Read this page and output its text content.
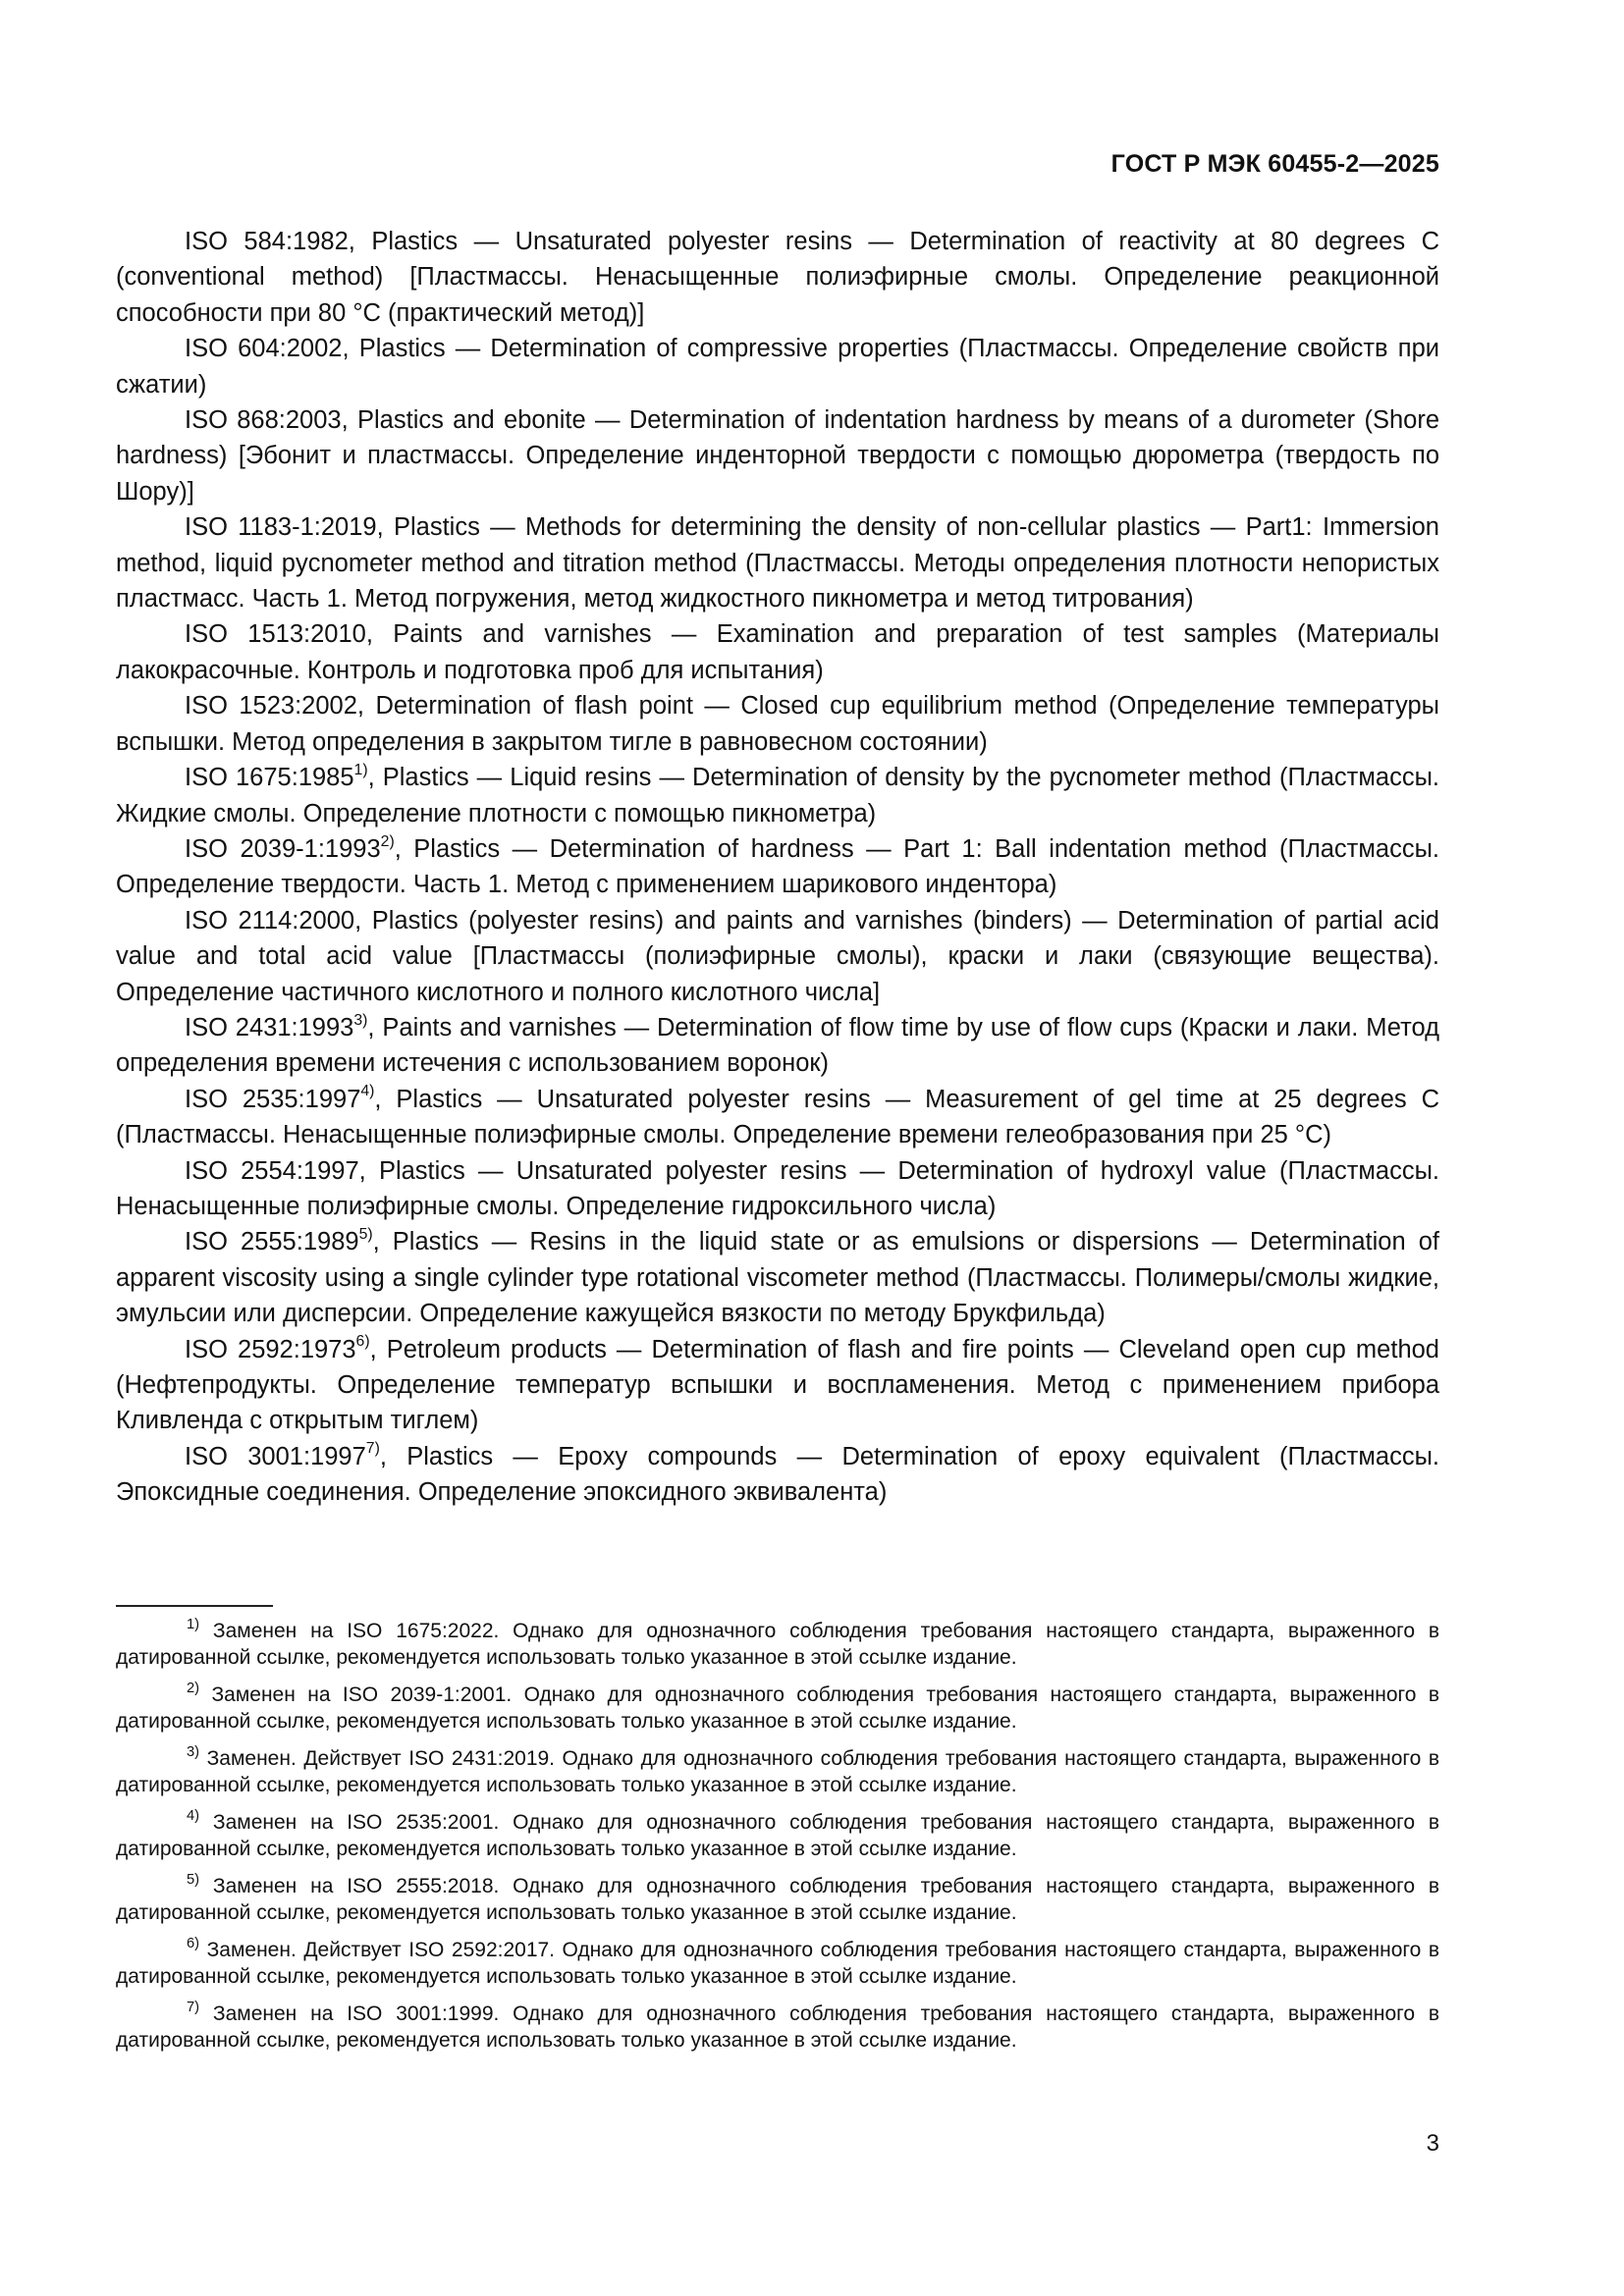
ГОСТ Р МЭК 60455-2—2025

ISO 584:1982, Plastics — Unsaturated polyester resins — Determination of reactivity at 80 degrees C (conventional method) [Пластмассы. Ненасыщенные полиэфирные смолы. Определение реакционной способности при 80 °С (практический метод)]

ISO 604:2002, Plastics — Determination of compressive properties (Пластмассы. Определение свойств при сжатии)

ISO 868:2003, Plastics and ebonite — Determination of indentation hardness by means of a durometer (Shore hardness) [Эбонит и пластмассы. Определение инденторной твердости с помощью дюрометра (твердость по Шору)]

ISO 1183-1:2019, Plastics — Methods for determining the density of non-cellular plastics — Part1: Immersion method, liquid pycnometer method and titration method (Пластмассы. Методы определения плотности непористых пластмасс. Часть 1. Метод погружения, метод жидкостного пикнометра и метод титрования)

ISO 1513:2010, Paints and varnishes — Examination and preparation of test samples (Материалы лакокрасочные. Контроль и подготовка проб для испытания)

ISO 1523:2002, Determination of flash point — Closed cup equilibrium method (Определение температуры вспышки. Метод определения в закрытом тигле в равновесном состоянии)

ISO 1675:1985$^{1)}$, Plastics — Liquid resins — Determination of density by the pycnometer method (Пластмассы. Жидкие смолы. Определение плотности с помощью пикнометра)

ISO 2039-1:1993$^{2)}$, Plastics — Determination of hardness — Part 1: Ball indentation method (Пластмассы. Определение твердости. Часть 1. Метод с применением шарикового индентора)

ISO 2114:2000, Plastics (polyester resins) and paints and varnishes (binders) — Determination of partial acid value and total acid value [Пластмассы (полиэфирные смолы), краски и лаки (связующие вещества). Определение частичного кислотного и полного кислотного числа]

ISO 2431:1993$^{3)}$, Paints and varnishes — Determination of flow time by use of flow cups (Краски и лаки. Метод определения времени истечения с использованием воронок)

ISO 2535:1997$^{4)}$, Plastics — Unsaturated polyester resins — Measurement of gel time at 25 degrees C (Пластмассы. Ненасыщенные полиэфирные смолы. Определение времени гелеобразования при 25 °С)

ISO 2554:1997, Plastics — Unsaturated polyester resins — Determination of hydroxyl value (Пластмассы. Ненасыщенные полиэфирные смолы. Определение гидроксильного числа)

ISO 2555:1989$^{5)}$, Plastics — Resins in the liquid state or as emulsions or dispersions — Determination of apparent viscosity using a single cylinder type rotational viscometer method (Пластмассы. Полимеры/смолы жидкие, эмульсии или дисперсии. Определение кажущейся вязкости по методу Брукфильда)

ISO 2592:1973$^{6)}$, Petroleum products — Determination of flash and fire points — Cleveland open cup method (Нефтепродукты. Определение температур вспышки и воспламенения. Метод с применением прибора Кливленда с открытым тиглем)

ISO 3001:1997$^{7)}$, Plastics — Epoxy compounds — Determination of epoxy equivalent (Пластмассы. Эпоксидные соединения. Определение эпоксидного эквивалента)

$^{1)}$ Заменен на ISO 1675:2022. Однако для однозначного соблюдения требования настоящего стандарта, выраженного в датированной ссылке, рекомендуется использовать только указанное в этой ссылке издание.

$^{2)}$ Заменен на ISO 2039-1:2001. Однако для однозначного соблюдения требования настоящего стандарта, выраженного в датированной ссылке, рекомендуется использовать только указанное в этой ссылке издание.

$^{3)}$ Заменен. Действует ISO 2431:2019. Однако для однозначного соблюдения требования настоящего стандарта, выраженного в датированной ссылке, рекомендуется использовать только указанное в этой ссылке издание.

$^{4)}$ Заменен на ISO 2535:2001. Однако для однозначного соблюдения требования настоящего стандарта, выраженного в датированной ссылке, рекомендуется использовать только указанное в этой ссылке издание.

$^{5)}$ Заменен на ISO 2555:2018. Однако для однозначного соблюдения требования настоящего стандарта, выраженного в датированной ссылке, рекомендуется использовать только указанное в этой ссылке издание.

$^{6)}$ Заменен. Действует ISO 2592:2017. Однако для однозначного соблюдения требования настоящего стандарта, выраженного в датированной ссылке, рекомендуется использовать только указанное в этой ссылке издание.

$^{7)}$ Заменен на ISO 3001:1999. Однако для однозначного соблюдения требования настоящего стандарта, выраженного в датированной ссылке, рекомендуется использовать только указанное в этой ссылке издание.

3
